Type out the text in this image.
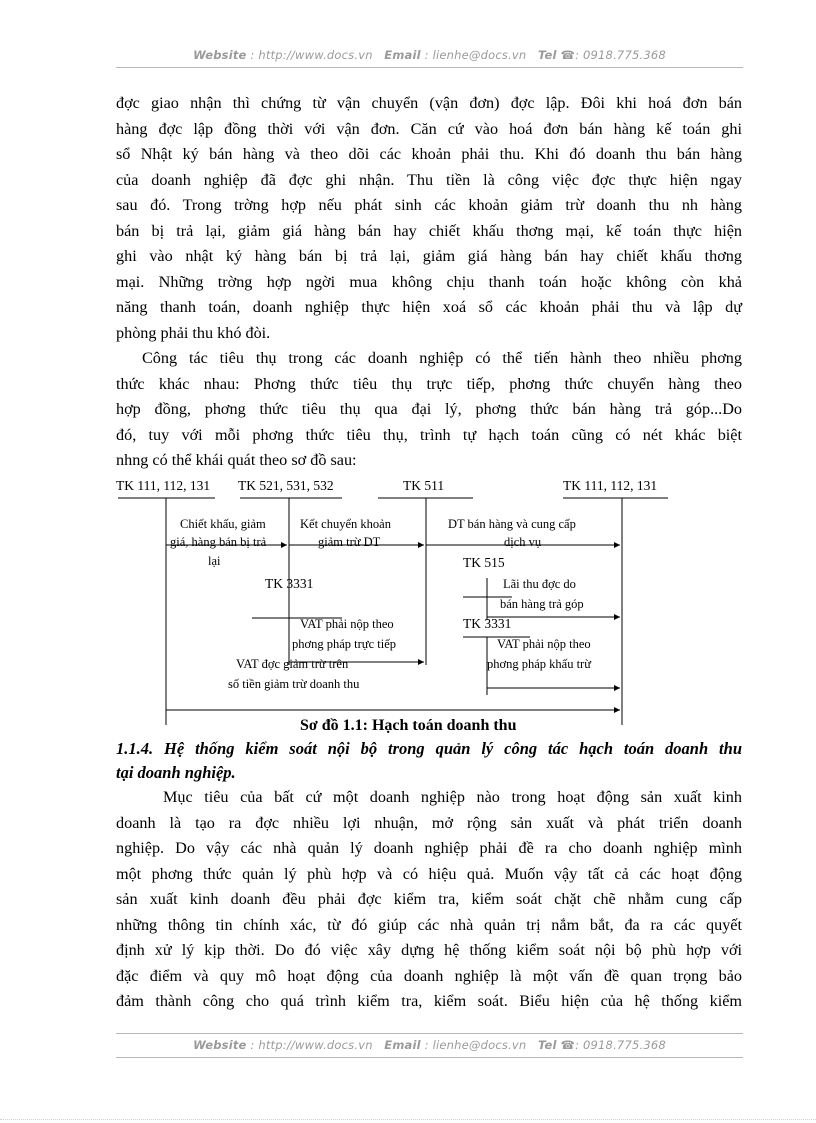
Website : http://www.docs.vn Email : lienhe@docs.vn Tel ☎: 0918.775.368
đợc giao nhận thì chứng từ vận chuyển (vận đơn) đợc lập. Đôi khi hoá đơn bán
hàng đợc lập đồng thời với vận đơn. Căn cứ vào hoá đơn bán hàng kế toán ghi
sổ Nhật ký bán hàng và theo dõi các khoản phải thu. Khi đó doanh thu bán hàng
của doanh nghiệp đã đợc ghi nhận. Thu tiền là công việc đợc thực hiện ngay
sau đó. Trong trờng hợp nếu phát sinh các khoản giảm trừ doanh thu nh hàng
bán bị trả lại, giảm giá hàng bán hay chiết khấu thơng mại, kế toán thực hiện
ghi vào nhật ký hàng bán bị trả lại, giảm giá hàng bán hay chiết khấu thơng
mại. Những trờng hợp ngời mua không chịu thanh toán hoặc không còn khả
năng thanh toán, doanh nghiệp thực hiện xoá sổ các khoản phải thu và lập dự
phòng phải thu khó đòi.
Công tác tiêu thụ trong các doanh nghiệp có thể tiến hành theo nhiều phơng
thức khác nhau: Phơng thức tiêu thụ trực tiếp, phơng thức chuyển hàng theo
hợp đồng, phơng thức tiêu thụ qua đại lý, phơng thức bán hàng trả góp...Do
đó, tuy với mỗi phơng thức tiêu thụ, trình tự hạch toán cũng có nét khác biệt
nhng có thể khái quát theo sơ đồ sau:
TK 111, 112, 131 TK 521, 531, 532	TK 511	TK 111, 112, 131
Chiết khấu, giảm
giá, hàng bán bị trả
lại
Kết chuyển khoản
giảm trừ DT
DT bán hàng và cung cấp
dịch vụ
TK 3331
TK 515
Lãi thu đợc do
bán hàng trả góp
VAT phải nộp theo
phơng pháp trực tiếp
TK 3331
VAT phải nộp theo
phơng pháp khấu trừ
VAT đợc giảm trừ trên
số tiền giảm trừ doanh thu
Sơ đồ 1.1: Hạch toán doanh thu
1.1.4. Hệ thống kiểm soát nội bộ trong quản lý công tác hạch toán doanh thu
tại doanh nghiệp.
Mục tiêu của bất cứ một doanh nghiệp nào trong hoạt động sản xuất kinh
doanh là tạo ra đợc nhiều lợi nhuận, mở rộng sản xuất và phát triển doanh
nghiệp. Do vậy các nhà quản lý doanh nghiệp phải đề ra cho doanh nghiệp mình
một phơng thức quản lý phù hợp và có hiệu quả. Muốn vậy tất cả các hoạt động
sản xuất kinh doanh đều phải đợc kiểm tra, kiểm soát chặt chẽ nhằm cung cấp
những thông tin chính xác, từ đó giúp các nhà quản trị nắm bắt, đa ra các quyết
định xử lý kịp thời. Do đó việc xây dựng hệ thống kiểm soát nội bộ phù hợp với
đặc điểm và quy mô hoạt động của doanh nghiệp là một vấn đề quan trọng bảo
đảm thành công cho quá trình kiểm tra, kiểm soát. Biểu hiện của hệ thống kiểm
Website : http://www.docs.vn Email : lienhe@docs.vn Tel ☎: 0918.775.368
